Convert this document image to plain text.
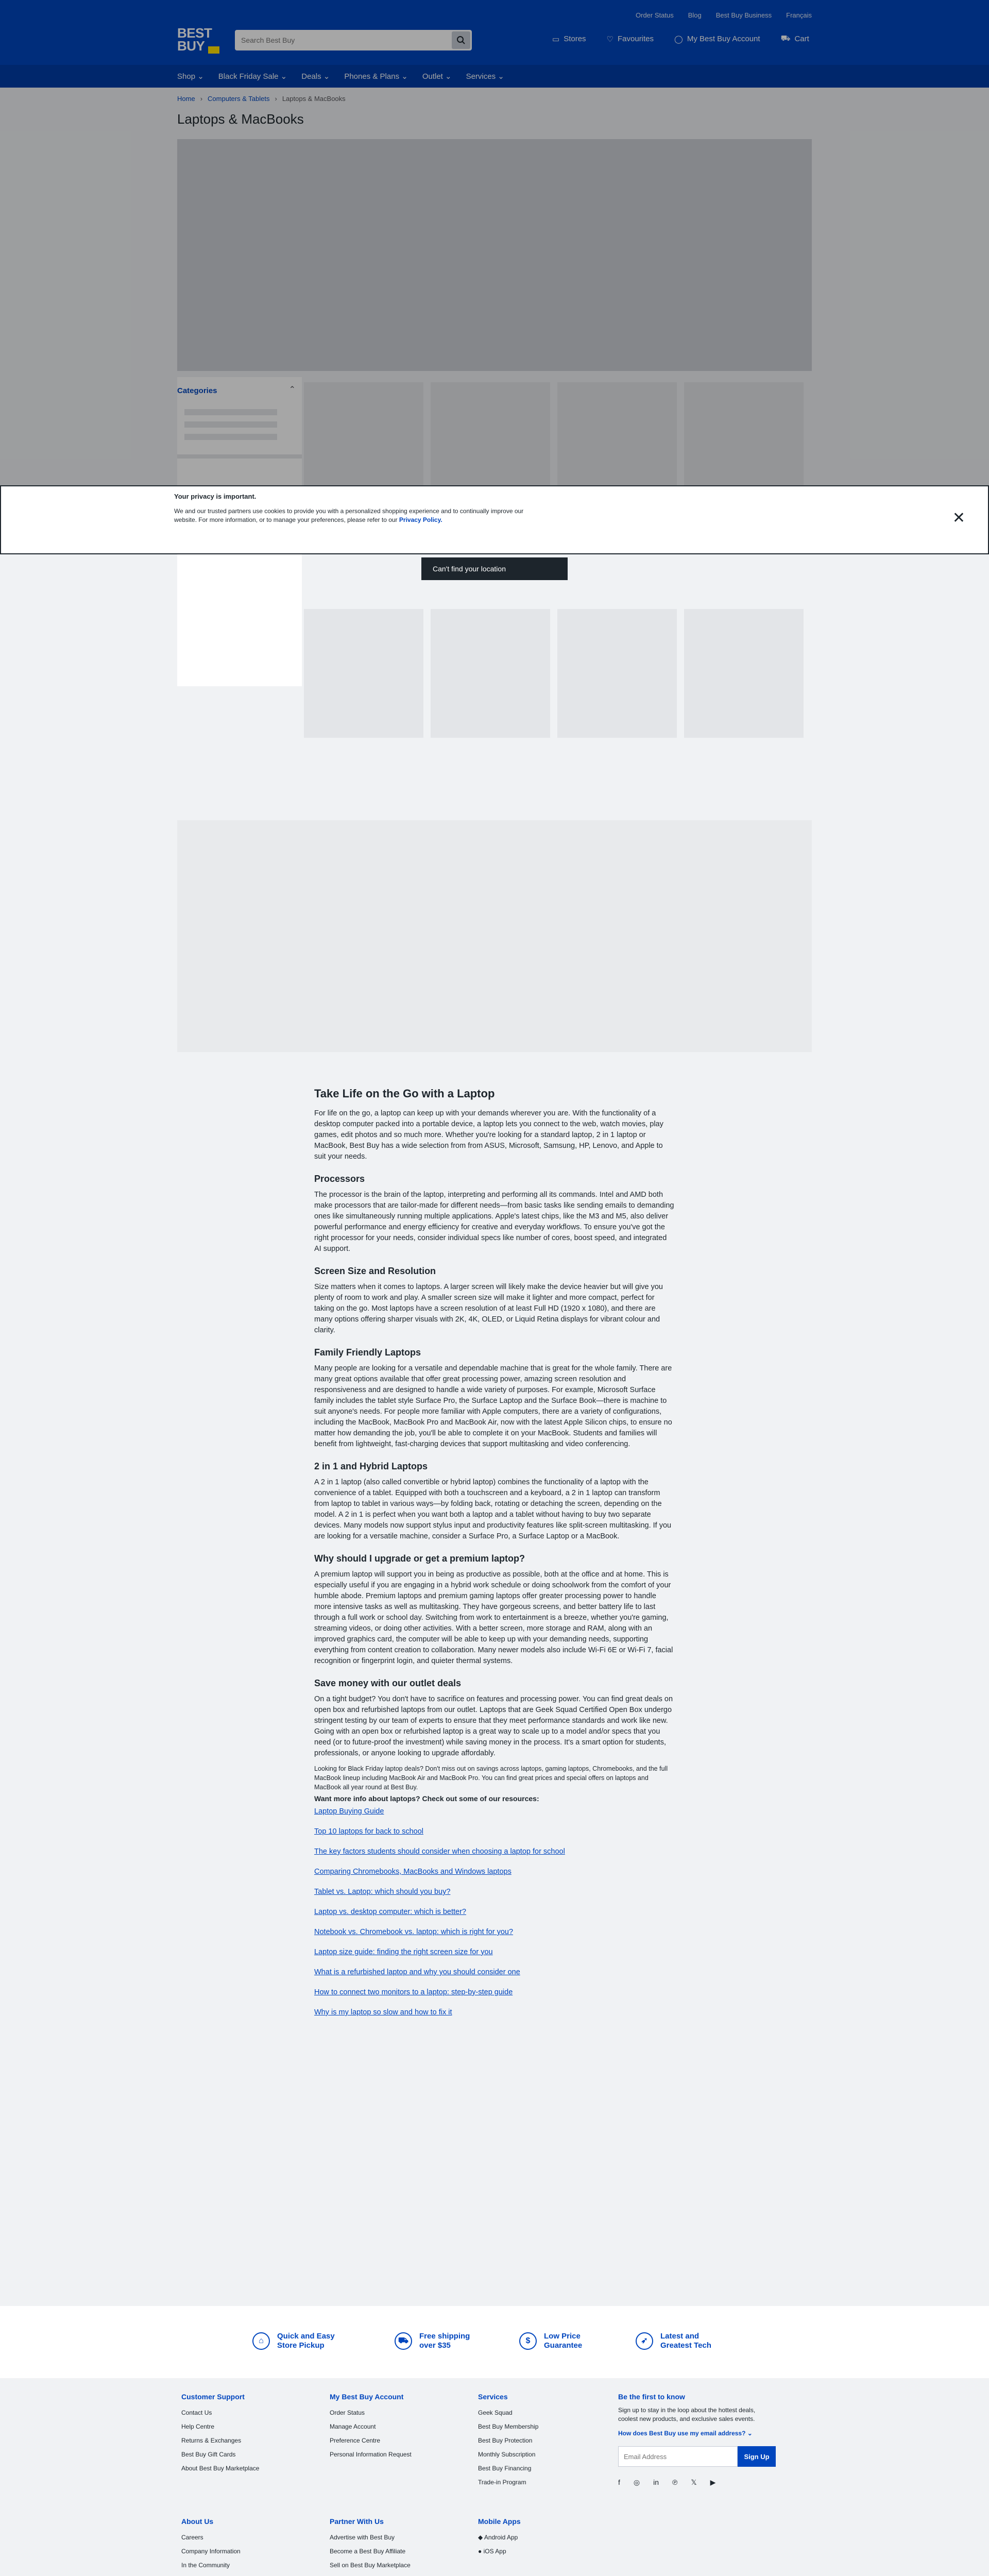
Order Status Blog Best Buy Business Français
BEST
BUY
Search Best Buy	▭ Stores	♡ Favourites	◯ My Best Buy Account	⛟ Cart
Shop ⌄ Black Friday Sale ⌄ Deals ⌄ Phones & Plans ⌄ Outlet ⌄ Services ⌄
Home › Computers & Tablets › Laptops & MacBooks
Laptops & MacBooks
Categories	⌃
Your privacy is important.
We and our trusted partners use cookies to provide you with a personalized shopping experience and to continually improve our website. For more information, or to manage your preferences, please refer to our Privacy Policy.	✕
Can't find your location
Take Life on the Go with a Laptop

For life on the go, a laptop can keep up with your demands wherever you are. With the functionality of a desktop computer packed into a portable device, a laptop lets you connect to the web, watch movies, play games, edit photos and so much more. Whether you're looking for a standard laptop, 2 in 1 laptop or MacBook, Best Buy has a wide selection from from ASUS, Microsoft, Samsung, HP, Lenovo, and Apple to suit your needs.

Processors

The processor is the brain of the laptop, interpreting and performing all its commands. Intel and AMD both make processors that are tailor-made for different needs—from basic tasks like sending emails to demanding ones like simultaneously running multiple applications. Apple's latest chips, like the M3 and M5, also deliver powerful performance and energy efficiency for creative and everyday workflows. To ensure you've got the right processor for your needs, consider individual specs like number of cores, boost speed, and integrated AI support.

Screen Size and Resolution

Size matters when it comes to laptops. A larger screen will likely make the device heavier but will give you plenty of room to work and play. A smaller screen size will make it lighter and more compact, perfect for taking on the go. Most laptops have a screen resolution of at least Full HD (1920 x 1080), and there are many options offering sharper visuals with 2K, 4K, OLED, or Liquid Retina displays for vibrant colour and clarity.

Family Friendly Laptops

Many people are looking for a versatile and dependable machine that is great for the whole family. There are many great options available that offer great processing power, amazing screen resolution and responsiveness and are designed to handle a wide variety of purposes. For example, Microsoft Surface family includes the tablet style Surface Pro, the Surface Laptop and the Surface Book—there is machine to suit anyone's needs. For people more familiar with Apple computers, there are a variety of configurations, including the MacBook, MacBook Pro and MacBook Air, now with the latest Apple Silicon chips, to ensure no matter how demanding the job, you'll be able to complete it on your MacBook. Students and families will benefit from lightweight, fast-charging devices that support multitasking and video conferencing.

2 in 1 and Hybrid Laptops

A 2 in 1 laptop (also called convertible or hybrid laptop) combines the functionality of a laptop with the convenience of a tablet. Equipped with both a touchscreen and a keyboard, a 2 in 1 laptop can transform from laptop to tablet in various ways—by folding back, rotating or detaching the screen, depending on the model. A 2 in 1 is perfect when you want both a laptop and a tablet without having to buy two separate devices. Many models now support stylus input and productivity features like split-screen multitasking. If you are looking for a versatile machine, consider a Surface Pro, a Surface Laptop or a MacBook.

Why should I upgrade or get a premium laptop?

A premium laptop will support you in being as productive as possible, both at the office and at home. This is especially useful if you are engaging in a hybrid work schedule or doing schoolwork from the comfort of your humble abode. Premium laptops and premium gaming laptops offer greater processing power to handle more intensive tasks as well as multitasking. They have gorgeous screens, and better battery life to last through a full work or school day. Switching from work to entertainment is a breeze, whether you're gaming, streaming videos, or doing other activities. With a better screen, more storage and RAM, along with an improved graphics card, the computer will be able to keep up with your demanding needs, supporting everything from content creation to collaboration. Many newer models also include Wi-Fi 6E or Wi-Fi 7, facial recognition or fingerprint login, and quieter thermal systems.

Save money with our outlet deals

On a tight budget? You don't have to sacrifice on features and processing power. You can find great deals on open box and refurbished laptops from our outlet. Laptops that are Geek Squad Certified Open Box undergo stringent testing by our team of experts to ensure that they meet performance standards and work like new. Going with an open box or refurbished laptop is a great way to scale up to a model and/or specs that you need (or to future-proof the investment) while saving money in the process. It's a smart option for students, professionals, or anyone looking to upgrade affordably.

Looking for Black Friday laptop deals? Don't miss out on savings across laptops, gaming laptops, Chromebooks, and the full MacBook lineup including MacBook Air and MacBook Pro. You can find great prices and special offers on laptops and MacBook all year round at Best Buy.

Want more info about laptops? Check out some of our resources:

Laptop Buying Guide
Top 10 laptops for back to school
The key factors students should consider when choosing a laptop for school
Comparing Chromebooks, MacBooks and Windows laptops
Tablet vs. Laptop: which should you buy?
Laptop vs. desktop computer: which is better?
Notebook vs. Chromebook vs. laptop: which is right for you?
Laptop size guide: finding the right screen size for you
What is a refurbished laptop and why you should consider one
How to connect two monitors to a laptop: step-by-step guide
Why is my laptop so slow and how to fix it
⌂
Quick and Easy
Store Pickup
⛟
Free shipping
over $35
$
Low Price
Guarantee
➶
Latest and
Greatest Tech
Customer Support
Contact Us
Help Centre
Returns & Exchanges
Best Buy Gift Cards
About Best Buy Marketplace
My Best Buy Account
Order Status
Manage Account
Preference Centre
Personal Information Request
Services
Geek Squad
Best Buy Membership
Best Buy Protection
Monthly Subscription
Best Buy Financing
Trade-in Program
Be the first to know
Sign up to stay in the loop about the hottest deals, coolest new products, and exclusive sales events.
How does Best Buy use my email address? ⌄
Email Address
Sign Up
f ◎ in ℗ 𝕏 ▶
About Us
Careers
Company Information
In the Community
Partner With Us
Advertise with Best Buy
Become a Best Buy Affiliate
Sell on Best Buy Marketplace
Mobile Apps
◆ Android App
● iOS App
